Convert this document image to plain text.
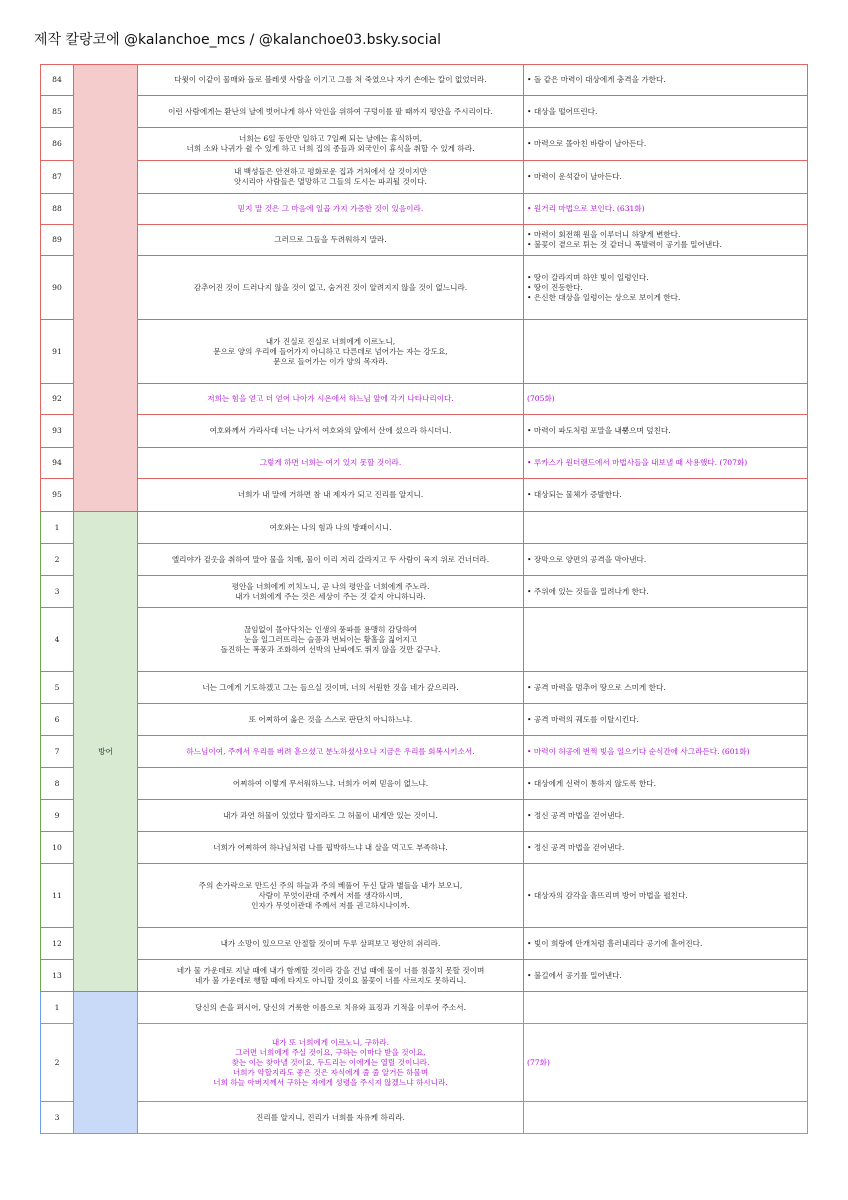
제작 칼랑코에 @kalanchoe_mcs / @kalanchoe03.bsky.social
84		다윗이 이같이 물매와 돌로 블레셋 사람을 이기고 그를 쳐 죽였으나 자기 손에는 칼이 없었더라.	• 돌 같은 마력이 대상에게 충격을 가한다.
85		이런 사람에게는 환난의 날에 벗어나게 하사 악인을 위하여 구덩이를 팔 때까지 평안을 주시리이다.	• 대상을 떨어뜨린다.
86		너희는 6일 동안만 일하고 7일째 되는 날에는 휴식하여,
너희 소와 나귀가 쉴 수 있게 하고 너희 집의 종들과 외국인이 휴식을 취할 수 있게 하라.	• 마력으로 몰아친 바람이 날아든다.
87		내 백성들은 안전하고 평화로운 집과 거처에서 살 것이지만
앗시리아 사람들은 멸망하고 그들의 도시는 파괴될 것이다.	• 마력이 운석같이 날아든다.
88		믿지 말 것은 그 마음에 일곱 가지 가증한 것이 있음이라.	• 원거리 마법으로 보인다. (631화)
89		그러므로 그들을 두려워하지 말라.	• 마력이 회전해 원을 이루더니 하얗게 변한다.
• 불꽃이 곁으로 튀는 것 같더니 폭발력이 공기를 밀어낸다.
90		감추어진 것이 드러나지 않을 것이 없고, 숨겨진 것이 알려지지 않을 것이 없느니라.	• 땅이 갈라지며 하얀 빛이 일렁인다.
• 땅이 진동한다.
• 은신한 대상을 일렁이는 상으로 보이게 한다.
91		내가 진실로 진실로 너희에게 이르노니,
문으로 양의 우리에 들어가지 아니하고 다른데로 넘어가는 자는 강도요,
문으로 들어가는 이가 양의 목자라.	
92		저희는 힘을 얻고 더 얻어 나아가 시온에서 하느님 앞에 각기 나타나리이다.	(705화)
93		여호와께서 가라사대 너는 나가서 여호와의 앞에서 산에 섰으라 하시더니.	• 마력이 파도처럼 포말을 내뿜으며 덮친다.
94		그렇게 하면 너희는 여기 있지 못할 것이라.	• 루카스가 원더랜드에서 마법사들을 내보낼 때 사용했다. (707화)
95		너희가 내 말에 거하면 참 내 제자가 되고 진리를 알지니.	• 대상되는 물체가 증발한다.
1	방어	여호와는 나의 힘과 나의 방패이시니.	
2		엘리야가 겉옷을 취하여 말아 물을 치매, 물이 이리 저리 갈라지고 두 사람이 육지 위로 건너더라.	• 장막으로 양편의 공격을 막아낸다.
3		평안을 너희에게 끼치노니, 곧 나의 평안을 너희에게 주노라.
내가 너희에게 주는 것은 세상이 주는 것 같지 아니하니라.	• 주위에 있는 것들을 밀려나게 한다.
4		끊임없이 몰아닥치는 인생의 풍파를 용맹히 감당하여
눈을 일그러뜨리는 슬픔과 번뇌이는 황홀을 짊어지고
돌진하는 폭풍과 조화하여 선박의 난파에도 뛰지 않을 것만 같구나.	
5		너는 그에게 기도하겠고 그는 들으실 것이며, 너의 서원한 것을 네가 갚으리라.	• 공격 마력을 멈추어 땅으로 스미게 한다.
6		또 어찌하여 옳은 것을 스스로 판단치 아니하느냐.	• 공격 마력의 궤도를 이탈시킨다.
7		하느님이여, 주께서 우리를 버려 흩으셨고 분노하셨사오나 지금은 우리를 회복시키소서.	• 마력이 허공에 번쩍 빛을 일으키다 순식간에 사그라든다. (601화)
8		어찌하여 이렇게 무서워하느냐. 너희가 어찌 믿음이 없느냐.	• 대상에게 신력이 통하지 않도록 한다.
9		내가 과연 허물이 있었다 할지라도 그 허물이 내게만 있는 것이니.	• 정신 공격 마법을 걷어낸다.
10		너희가 어찌하여 하나님처럼 나를 핍박하느냐 내 살을 먹고도 부족하냐.	• 정신 공격 마법을 걷어낸다.
11		주의 손가락으로 만드신 주의 하늘과 주의 베풀어 두신 달과 별들을 내가 보오니,
사람이 무엇이관대 주께서 저를 생각하시며,
인자가 무엇이관대 주께서 저를 권고하시나이까.	• 대상자의 감각을 흩뜨리며 방어 마법을 펼친다.
12		내가 소망이 있으므로 안절할 것이며 두루 살펴보고 평안히 쉬리라.	• 빛이 희랑에 안개처럼 흘러내리다 공기에 흩어진다.
13		네가 물 가운데로 지날 때에 내가 함께할 것이라 강을 건널 때에 물이 너를 침몰치 못할 것이며
네가 불 가운데로 행할 때에 타지도 아니할 것이요 불꽃이 너를 사르지도 못하리니.	• 불길에서 공기를 밀어낸다.
1		당신의 손을 펴시어, 당신의 거룩한 이름으로 치유와 표징과 기적을 이루어 주소서.	
2		내가 또 너희에게 이르노니, 구하라.
그러면 너희에게 주실 것이요, 구하는 이마다 받을 것이요,
찾는 이는 찾아낼 것이요, 두드리는 이에게는 열릴 것이니라.
너희가 악할지라도 좋은 것은 자식에게 줄 줄 알거든 하물며
너희 하늘 아버지께서 구하는 자에게 성령을 주시지 않겠느냐 하시니라.	(77화)
3		진리를 알지니, 진리가 너희를 자유케 하리라.	
